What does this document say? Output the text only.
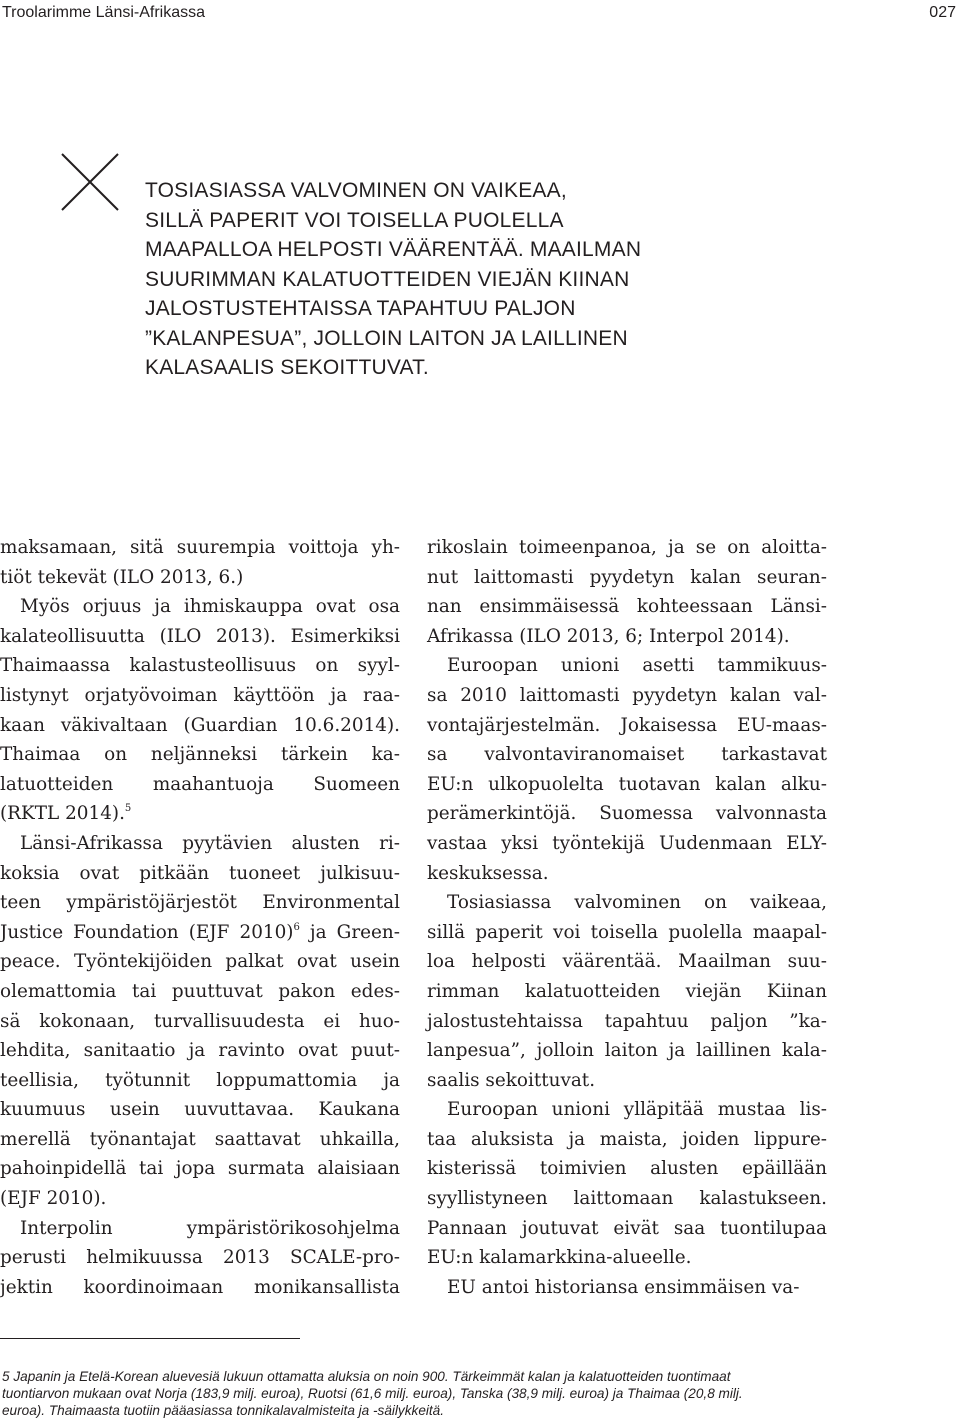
Troolarimme Länsi-Afrikassa	027
TOSIASIASSA VALVOMINEN ON VAIKEAA,
SILLÄ PAPERIT VOI TOISELLA PUOLELLA
MAAPALLOA HELPOSTI VÄÄRENTÄÄ. MAAILMAN
SUURIMMAN KALATUOTTEIDEN VIEJÄN KIINAN
JALOSTUSTEHTAISSA TAPAHTUU PALJON
”KALANPESUA”, JOLLOIN LAITON JA LAILLINEN
KALASAALIS SEKOITTUVAT.
maksamaan, sitä suurempia voittoja yh-
tiöt tekevät (ILO 2013, 6.)
Myös orjuus ja ihmiskauppa ovat osa
kalateollisuutta (ILO 2013). Esimerkiksi
Thaimaassa kalastusteollisuus on syyl-
listynyt orjatyövoiman käyttöön ja raa-
kaan väkivaltaan (Guardian 10.6.2014).
Thaimaa on neljänneksi tärkein ka-
latuotteiden maahantuoja Suomeen
(RKTL 2014).$^5$
Länsi-Afrikassa pyytävien alusten ri-
koksia ovat pitkään tuoneet julkisuu-
teen ympäristöjärjestöt Environmental
Justice Foundation (EJF 2010)$^6$ ja Green-
peace. Työntekijöiden palkat ovat usein
olemattomia tai puuttuvat pakon edes-
sä kokonaan, turvallisuudesta ei huo-
lehdita, sanitaatio ja ravinto ovat puut-
teellisia, työtunnit loppumattomia ja
kuumuus usein uuvuttavaa. Kaukana
merellä työnantajat saattavat uhkailla,
pahoinpidellä tai jopa surmata alaisiaan
(EJF 2010).
Interpolin ympäristörikosohjelma
perusti helmikuussa 2013 SCALE-pro-
jektin koordinoimaan monikansallista
rikoslain toimeenpanoa, ja se on aloitta-
nut laittomasti pyydetyn kalan seuran-
nan ensimmäisessä kohteessaan Länsi-
Afrikassa (ILO 2013, 6; Interpol 2014).
Euroopan unioni asetti tammikuus-
sa 2010 laittomasti pyydetyn kalan val-
vontajärjestelmän. Jokaisessa EU-maas-
sa valvontaviranomaiset tarkastavat
EU:n ulkopuolelta tuotavan kalan alku-
perämerkintöjä. Suomessa valvonnasta
vastaa yksi työntekijä Uudenmaan ELY-
keskuksessa.
Tosiasiassa valvominen on vaikeaa,
sillä paperit voi toisella puolella maapal-
loa helposti väärentää. Maailman suu-
rimman kalatuotteiden viejän Kiinan
jalostustehtaissa tapahtuu paljon ”ka-
lanpesua”, jolloin laiton ja laillinen kala-
saalis sekoittuvat.
Euroopan unioni ylläpitää mustaa lis-
taa aluksista ja maista, joiden lippure-
kisterissä toimivien alusten epäillään
syyllistyneen laittomaan kalastukseen.
Pannaan joutuvat eivät saa tuontilupaa
EU:n kalamarkkina-alueelle.
EU antoi historiansa ensimmäisen va-
5 Japanin ja Etelä-Korean aluevesiä lukuun ottamatta aluksia on noin 900. Tärkeimmät kalan ja kalatuotteiden tuontimaat
tuontiarvon mukaan ovat Norja (183,9 milj. euroa), Ruotsi (61,6 milj. euroa), Tanska (38,9 milj. euroa) ja Thaimaa (20,8 milj.
euroa). Thaimaasta tuotiin pääasiassa tonnikalavalmisteita ja -säilykkeitä.
